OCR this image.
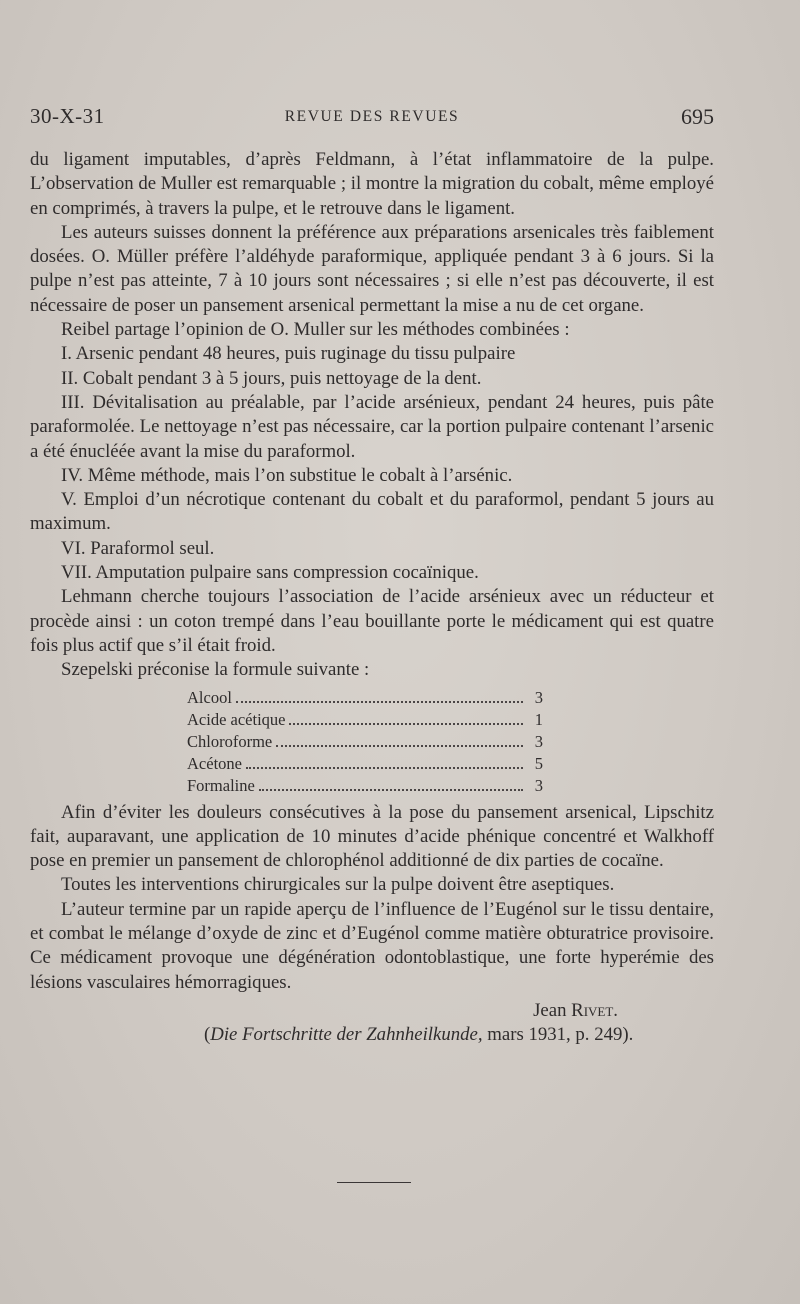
30-X-31	REVUE DES REVUES	695

du ligament imputables, d’après Feldmann, à l’état inflammatoire de la pulpe. L’observation de Muller est remarquable ; il montre la migration du cobalt, même employé en comprimés, à travers la pulpe, et le retrouve dans le ligament.

Les auteurs suisses donnent la préférence aux préparations arsenicales très faiblement dosées. O. Müller préfère l’aldéhyde paraformique, appliquée pendant 3 à 6 jours. Si la pulpe n’est pas atteinte, 7 à 10 jours sont nécessaires ; si elle n’est pas découverte, il est nécessaire de poser un pansement arsenical permettant la mise a nu de cet organe.

Reibel partage l’opinion de O. Muller sur les méthodes combinées :

I. Arsenic pendant 48 heures, puis ruginage du tissu pulpaire

II. Cobalt pendant 3 à 5 jours, puis nettoyage de la dent.

III. Dévitalisation au préalable, par l’acide arsénieux, pendant 24 heures, puis pâte paraformolée. Le nettoyage n’est pas nécessaire, car la portion pulpaire contenant l’arsenic a été énucléée avant la mise du paraformol.

IV. Même méthode, mais l’on substitue le cobalt à l’arsénic.

V. Emploi d’un nécrotique contenant du cobalt et du paraformol, pendant 5 jours au maximum.

VI. Paraformol seul.

VII. Amputation pulpaire sans compression cocaïnique.

Lehmann cherche toujours l’association de l’acide arsénieux avec un réducteur et procède ainsi : un coton trempé dans l’eau bouillante porte le médicament qui est quatre fois plus actif que s’il était froid.

Szepelski préconise la formule suivante :

Alcool	3
Acide acétique	1
Chloroforme	3
Acétone	5
Formaline	3

Afin d’éviter les douleurs consécutives à la pose du pansement arsenical, Lipschitz fait, auparavant, une application de 10 minutes d’acide phénique concentré et Walkhoff pose en premier un pansement de chlorophénol additionné de dix parties de cocaïne.

Toutes les interventions chirurgicales sur la pulpe doivent être aseptiques.

L’auteur termine par un rapide aperçu de l’influence de l’Eugénol sur le tissu dentaire, et combat le mélange d’oxyde de zinc et d’Eugénol comme matière obturatrice provisoire. Ce médicament provoque une dégénération odontoblastique, une forte hyperémie des lésions vasculaires hémorragiques.

Jean Rivet.
(Die Fortschritte der Zahnheilkunde, mars 1931, p. 249).
